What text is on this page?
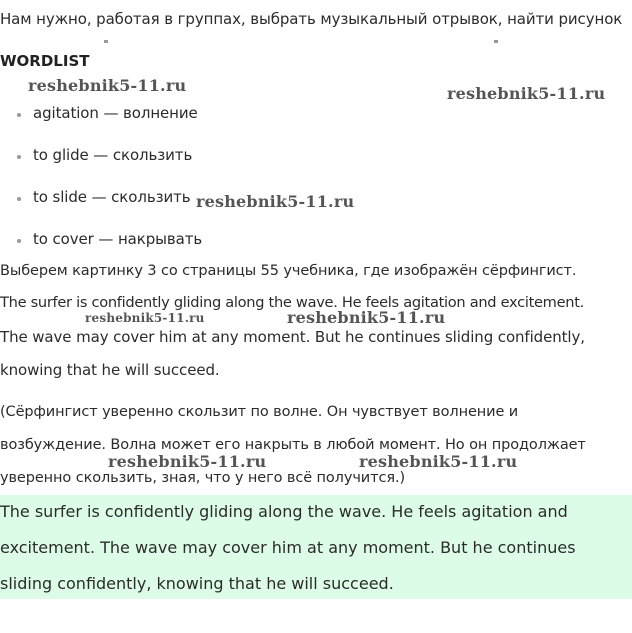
Нам нужно, работая в группах, выбрать музыкальный отрывок, найти рисунок
WORDLIST
reshebnik5-11.ru	reshebnik5-11.ru
reshebnik5-11.ru
reshebnik5-11.ru	reshebnik5-11.ru
reshebnik5-11.ru	reshebnik5-11.ru
agitation — волнение
to glide — скользить
to slide — скользить
to cover — накрывать
Выберем картинку 3 со страницы 55 учебника, где изображён сёрфингист.
The surfer is confidently gliding along the wave. He feels agitation and excitement.
The wave may cover him at any moment. But he continues sliding confidently,
knowing that he will succeed.
(Сёрфингист уверенно скользит по волне. Он чувствует волнение и
возбуждение. Волна может его накрыть в любой момент. Но он продолжает
уверенно скользить, зная, что у него всё получится.)
The surfer is confidently gliding along the wave. He feels agitation and
excitement. The wave may cover him at any moment. But he continues
sliding confidently, knowing that he will succeed.
